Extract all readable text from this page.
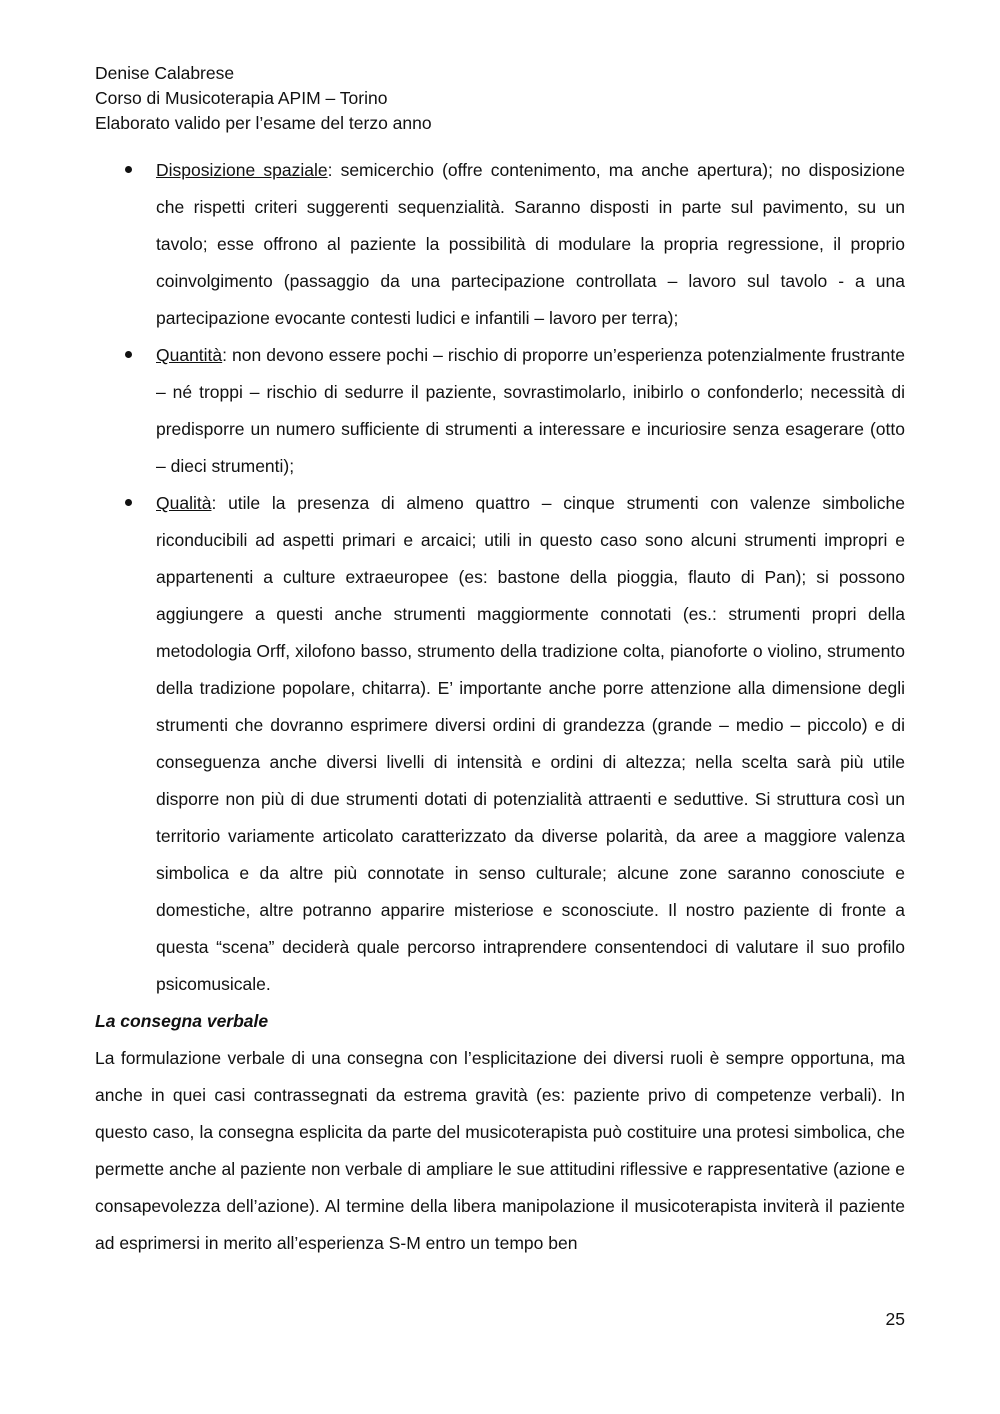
Denise Calabrese

Corso di Musicoterapia APIM – Torino

Elaborato valido per l’esame del terzo anno

Disposizione spaziale: semicerchio (offre contenimento, ma anche apertura); no disposizione che rispetti criteri suggerenti sequenzialità. Saranno disposti in parte sul pavimento, su un tavolo; esse offrono al paziente la possibilità di modulare la propria regressione, il proprio coinvolgimento (passaggio da una partecipazione controllata – lavoro sul tavolo - a una partecipazione evocante contesti ludici e infantili – lavoro per terra);

Quantità: non devono essere pochi – rischio di proporre un’esperienza potenzialmente frustrante – né troppi – rischio di sedurre il paziente, sovrastimolarlo, inibirlo o confonderlo; necessità di predisporre un numero sufficiente di strumenti a interessare e incuriosire senza esagerare (otto – dieci strumenti);

Qualità: utile la presenza di almeno quattro – cinque strumenti con valenze simboliche riconducibili ad aspetti primari e arcaici; utili in questo caso sono alcuni strumenti impropri e appartenenti a culture extraeuropee (es: bastone della pioggia, flauto di Pan); si possono aggiungere a questi anche strumenti maggiormente connotati (es.: strumenti propri della metodologia Orff, xilofono basso, strumento della tradizione colta, pianoforte o violino, strumento della tradizione popolare, chitarra). E’ importante anche porre attenzione alla dimensione degli strumenti che dovranno esprimere diversi ordini di grandezza (grande – medio – piccolo) e di conseguenza anche diversi livelli di intensità e ordini di altezza; nella scelta sarà più utile disporre non più di due strumenti dotati di potenzialità attraenti e seduttive. Si struttura così un territorio variamente articolato caratterizzato da diverse polarità, da aree a maggiore valenza simbolica e da altre più connotate in senso culturale; alcune zone saranno conosciute e domestiche, altre potranno apparire misteriose e sconosciute. Il nostro paziente di fronte a questa “scena” deciderà quale percorso intraprendere consentendoci di valutare il suo profilo psicomusicale.

La consegna verbale

La formulazione verbale di una consegna con l’esplicitazione dei diversi ruoli è sempre opportuna, ma anche in quei casi contrassegnati da estrema gravità (es: paziente privo di competenze verbali). In questo caso, la consegna esplicita da parte del musicoterapista può costituire una protesi simbolica, che permette anche al paziente non verbale di ampliare le sue attitudini riflessive e rappresentative (azione e consapevolezza dell’azione). Al termine della libera manipolazione il musicoterapista inviterà il paziente ad esprimersi in merito all’esperienza S-M entro un tempo ben

25
